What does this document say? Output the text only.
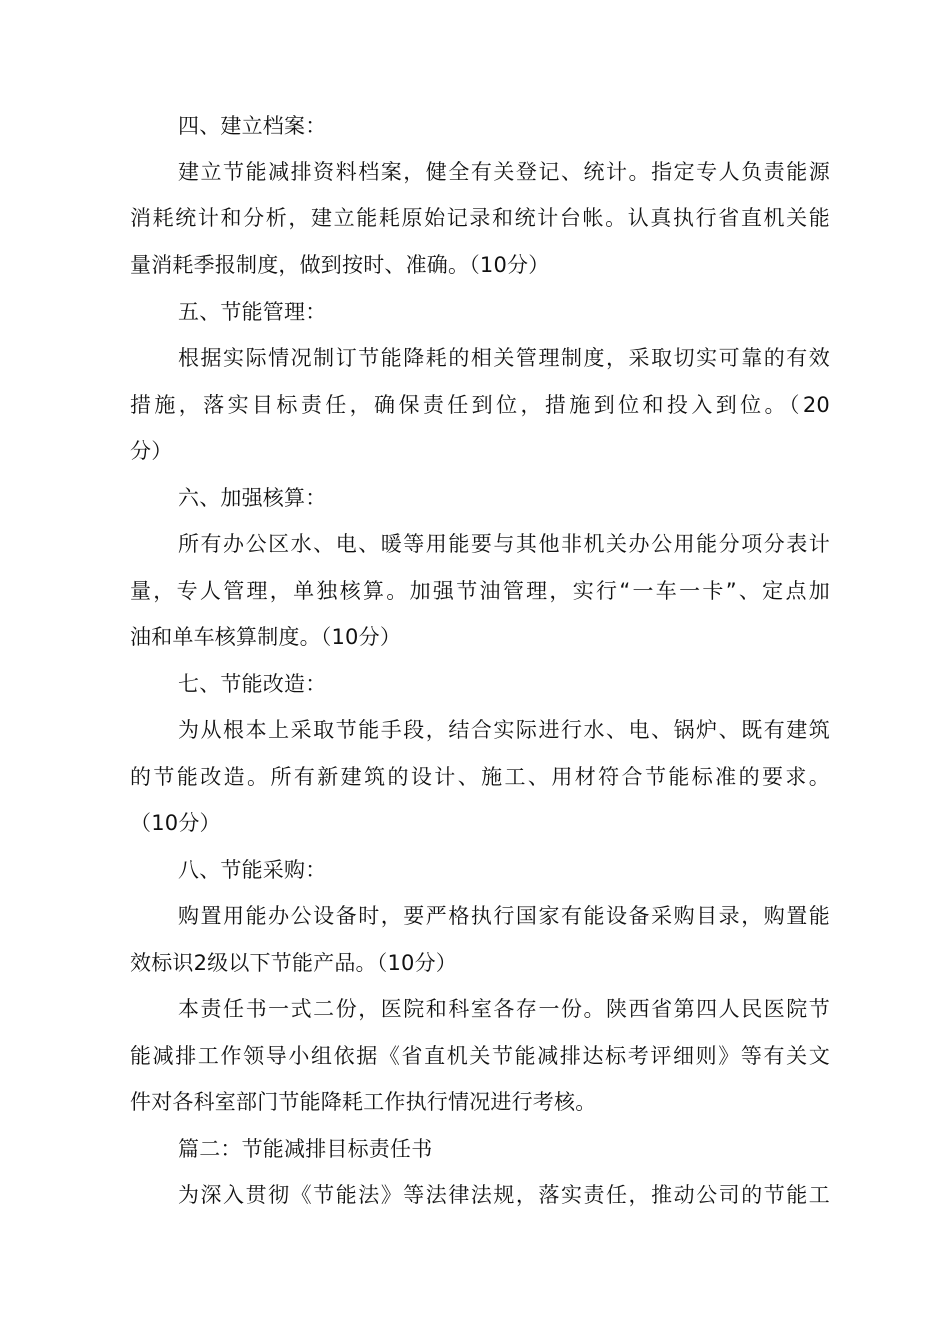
四、建立档案：
建立节能减排资料档案，健全有关登记、统计。指定专人负责能源
消耗统计和分析，建立能耗原始记录和统计台帐。认真执行省直机关能
量消耗季报制度，做到按时、准确。（10分）
五、节能管理：
根据实际情况制订节能降耗的相关管理制度，采取切实可靠的有效
措施，落实目标责任，确保责任到位，措施到位和投入到位。（20
分）
六、加强核算：
所有办公区水、电、暖等用能要与其他非机关办公用能分项分表计
量，专人管理，单独核算。加强节油管理，实行“一车一卡”、定点加
油和单车核算制度。（10分）
七、节能改造：
为从根本上采取节能手段，结合实际进行水、电、锅炉、既有建筑
的节能改造。所有新建筑的设计、施工、用材符合节能标准的要求。
（10分）
八、节能采购：
购置用能办公设备时，要严格执行国家有能设备采购目录，购置能
效标识2级以下节能产品。（10分）
本责任书一式二份，医院和科室各存一份。陕西省第四人民医院节
能减排工作领导小组依据《省直机关节能减排达标考评细则》等有关文
件对各科室部门节能降耗工作执行情况进行考核。
篇二：节能减排目标责任书
为深入贯彻《节能法》等法律法规，落实责任，推动公司的节能工
